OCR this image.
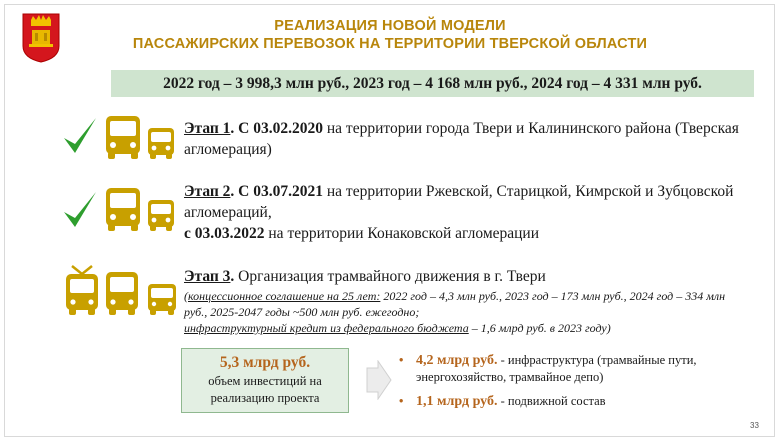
РЕАЛИЗАЦИЯ НОВОЙ МОДЕЛИ
ПАССАЖИРСКИХ ПЕРЕВОЗОК НА ТЕРРИТОРИИ ТВЕРСКОЙ ОБЛАСТИ
2022 год – 3 998,3 млн руб., 2023 год – 4 168 млн руб., 2024 год – 4 331 млн руб.
Этап 1. С 03.02.2020 на территории города Твери и Калининского района (Тверская агломерация)
Этап 2. С 03.07.2021 на территории Ржевской, Старицкой, Кимрской и Зубцовской агломераций,
с 03.03.2022 на территории Конаковской агломерации
Этап 3. Организация трамвайного движения в г. Твери
(концессионное соглашение на 25 лет: 2022 год – 4,3 млн руб., 2023 год – 173 млн руб., 2024 год – 334 млн руб., 2025-2047 годы ~500 млн руб. ежегодно;
инфраструктурный кредит из федерального бюджета – 1,6 млрд руб. в 2023 году)
5,3 млрд руб.
объем инвестиций на реализацию проекта
• 4,2 млрд руб. - инфраструктура (трамвайные пути, энергохозяйство, трамвайное депо)
• 1,1 млрд руб. - подвижной состав
33
